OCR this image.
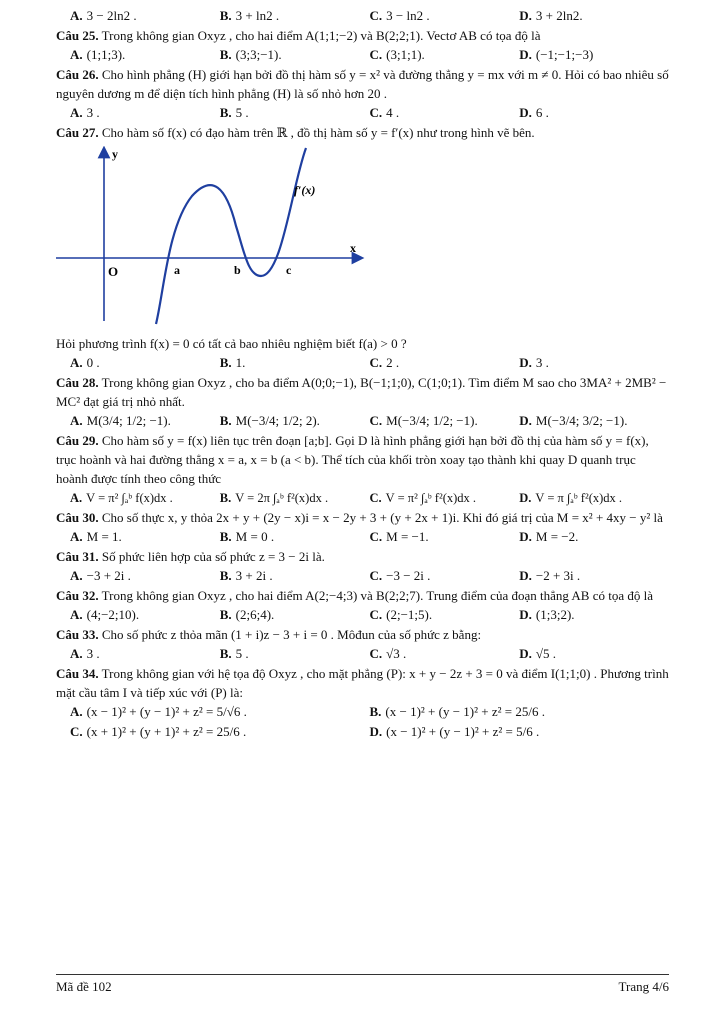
A. 3 − 2ln2 .	B. 3 + ln2 .	C. 3 − ln2 .	D. 3 + 2ln2.

Câu 25. Trong không gian Oxyz , cho hai điểm A(1;1;−2) và B(2;2;1). Vectơ AB có tọa độ là

A. (1;1;3).	B. (3;3;−1).	C. (3;1;1).	D. (−1;−1;−3)

Câu 26. Cho hình phẳng (H) giới hạn bởi đồ thị hàm số y = x² và đường thẳng y = mx với m ≠ 0. Hỏi có bao nhiêu số nguyên dương m để diện tích hình phẳng (H) là số nhỏ hơn 20 .

A. 3 .	B. 5 .	C. 4 .	D. 6 .

Câu 27. Cho hàm số f(x) có đạo hàm trên ℝ , đồ thị hàm số y = f′(x) như trong hình vẽ bên.

y
x
O	a	b	c
f′(x)

Hỏi phương trình f(x) = 0 có tất cả bao nhiêu nghiệm biết f(a) > 0 ?

A. 0 .	B. 1.	C. 2 .	D. 3 .

Câu 28. Trong không gian Oxyz , cho ba điểm A(0;0;−1), B(−1;1;0), C(1;0;1). Tìm điểm M sao cho 3MA² + 2MB² − MC² đạt giá trị nhỏ nhất.

A. M(3/4; 1/2; −1).	B. M(−3/4; 1/2; 2).	C. M(−3/4; 1/2; −1).	D. M(−3/4; 3/2; −1).

Câu 29. Cho hàm số y = f(x) liên tục trên đoạn [a;b]. Gọi D là hình phẳng giới hạn bởi đồ thị của hàm số y = f(x), trục hoành và hai đường thẳng x = a, x = b (a < b). Thể tích của khối tròn xoay tạo thành khi quay D quanh trục hoành được tính theo công thức

A. V = π² ∫ₐᵇ f(x)dx .	B. V = 2π ∫ₐᵇ f²(x)dx .	C. V = π² ∫ₐᵇ f²(x)dx .	D. V = π ∫ₐᵇ f²(x)dx .

Câu 30. Cho số thực x, y thỏa 2x + y + (2y − x)i = x − 2y + 3 + (y + 2x + 1)i. Khi đó giá trị của M = x² + 4xy − y² là

A. M = 1.	B. M = 0 .	C. M = −1.	D. M = −2.

Câu 31. Số phức liên hợp của số phức z = 3 − 2i là.

A. −3 + 2i .	B. 3 + 2i .	C. −3 − 2i .	D. −2 + 3i .

Câu 32. Trong không gian Oxyz , cho hai điểm A(2;−4;3) và B(2;2;7). Trung điểm của đoạn thẳng AB có tọa độ là

A. (4;−2;10).	B. (2;6;4).	C. (2;−1;5).	D. (1;3;2).

Câu 33. Cho số phức z thỏa mãn (1 + i)z − 3 + i = 0 . Môđun của số phức z bằng:

A. 3 .	B. 5 .	C. √3 .	D. √5 .

Câu 34. Trong không gian với hệ tọa độ Oxyz , cho mặt phẳng (P): x + y − 2z + 3 = 0 và điểm I(1;1;0) . Phương trình mặt cầu tâm I và tiếp xúc với (P) là:

A. (x − 1)² + (y − 1)² + z² = 5/√6 .	B. (x − 1)² + (y − 1)² + z² = 25/6 .
C. (x + 1)² + (y + 1)² + z² = 25/6 .	D. (x − 1)² + (y − 1)² + z² = 5/6 .
Mã đề 102	Trang 4/6
